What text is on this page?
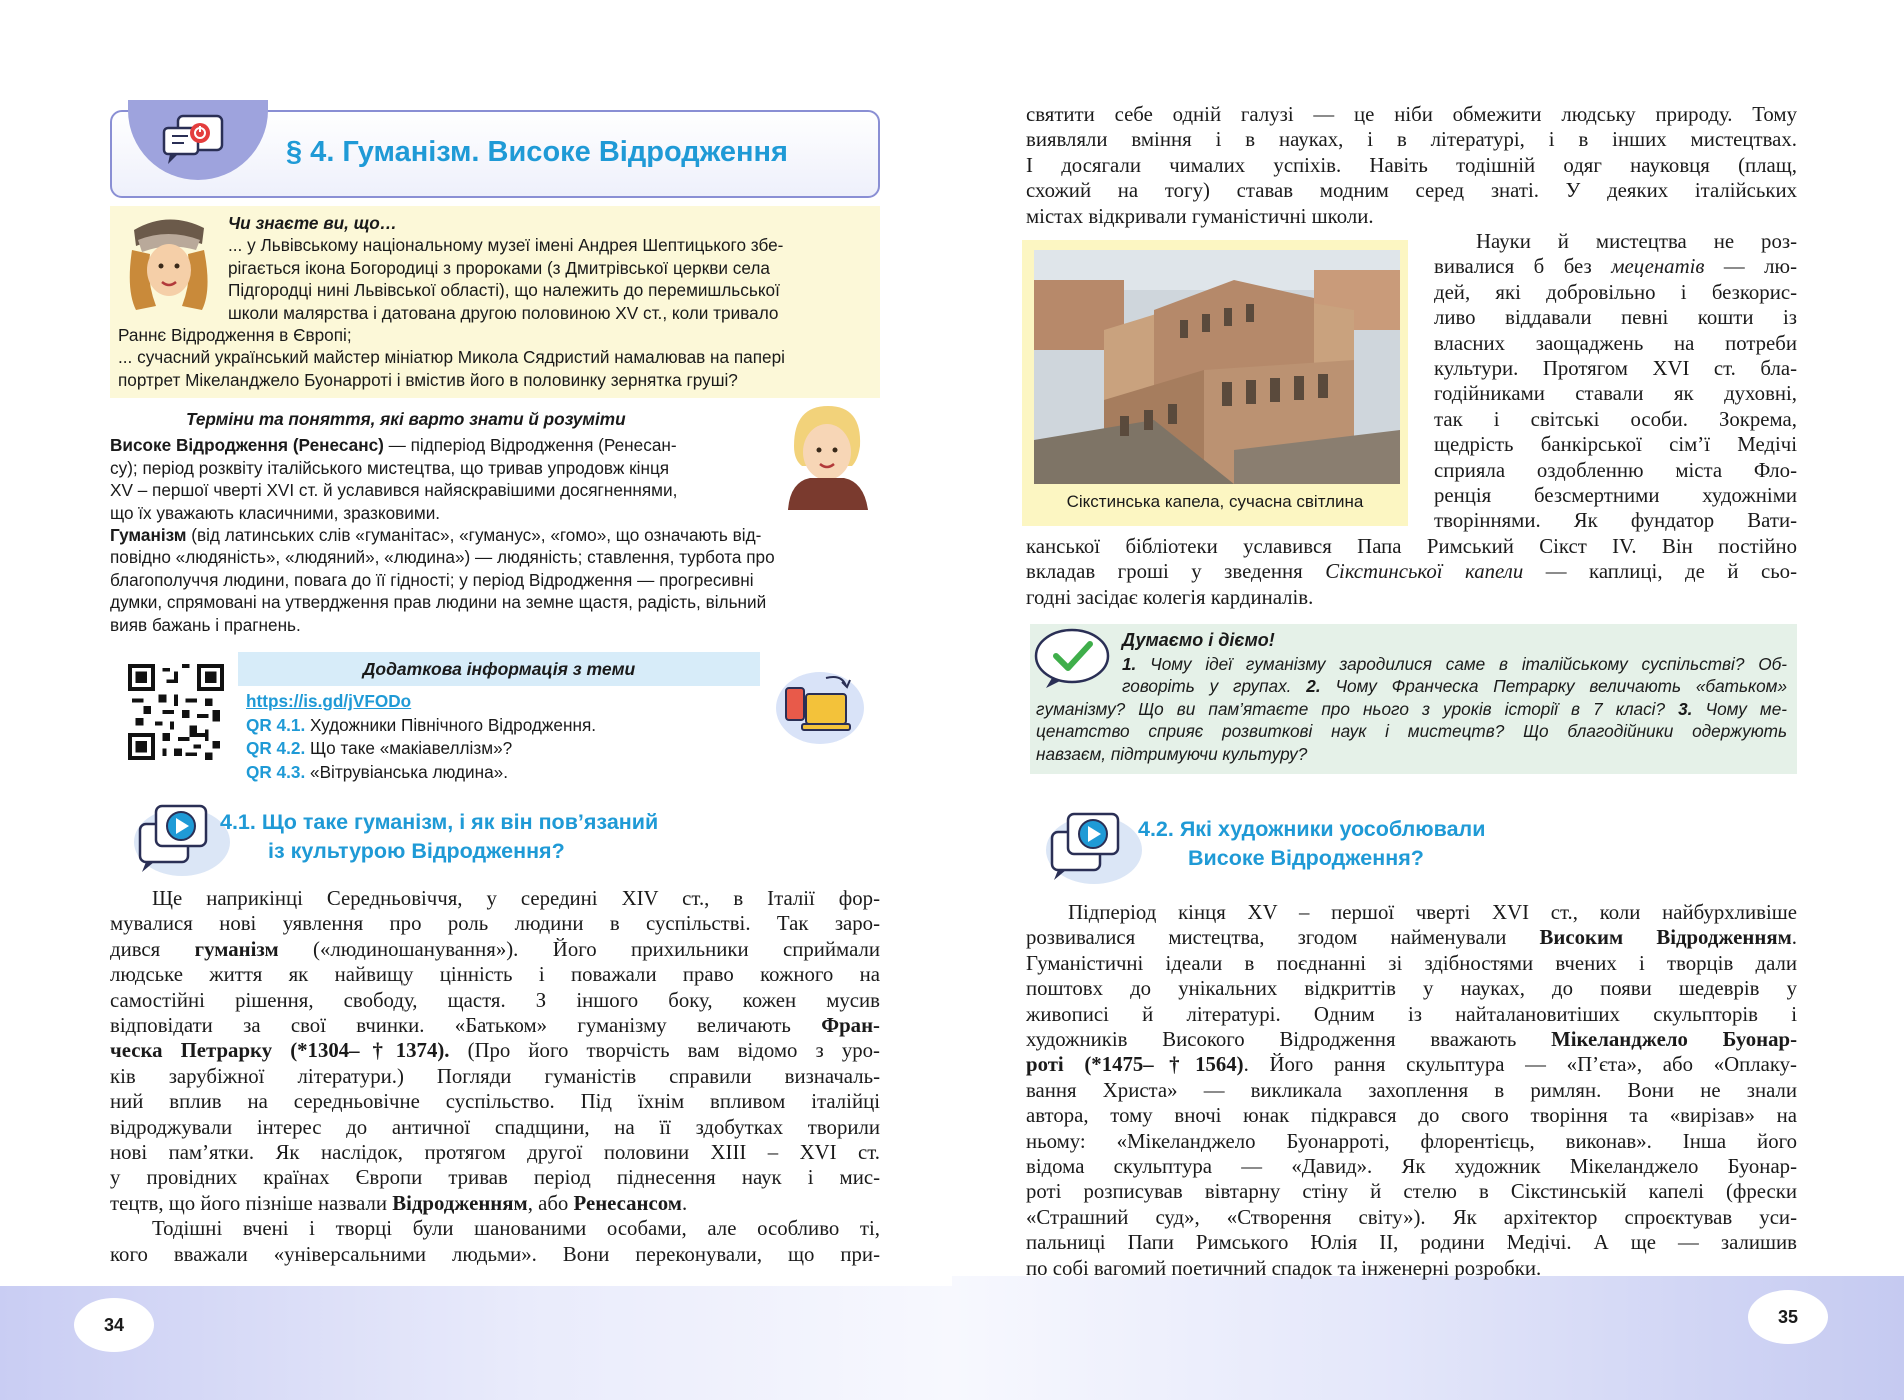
34
§ 4. Гуманізм. Високе Відродження
Чи знаєте ви, що…
... у Львівському національному музеї імені Андрея Шептицького збе-
рігається ікона Богородиці з пророками (з Дмитрівської церкви села
Підгородці нині Львівської області), що належить до перемишльської
школи малярства і датована другою половиною XV ст., коли тривало
Раннє Відродження в Європі;
... сучасний український майстер мініатюр Микола Сядристий намалював на папері
портрет Мікеланджело Буонарроті і вмістив його в половинку зернятка груші?
Терміни та поняття, які варто знати й розуміти
Високе Відродження (Ренесанс) — підперіод Відродження (Ренесан-
су); період розквіту італійського мистецтва, що тривав упродовж кінця
XV – першої чверті XVI ст. й уславився найяскравішими досягненнями,
що їх уважають класичними, зразковими.
Гуманізм (від латинських слів «гуманітас», «гуманус», «гомо», що означають від-
повідно «людяність», «людяний», «людина») — людяність; ставлення, турбота про
благополуччя людини, повага до її гідності; у період Відродження — прогресивні
думки, спрямовані на утвердження прав людини на земне щастя, радість, вільний
вияв бажань і прагнень.
Додаткова інформація з теми
https://is.gd/jVFODo
QR 4.1. Художники Північного Відродження.
QR 4.2. Що таке «макіавеллізм»?
QR 4.3. «Вітрувіанська людина».
4.1. Що таке гуманізм, і як він пов’язаний
із культурою Відродження?

Ще наприкінці Середньовіччя, у середині XIV ст., в Італії фор-

мувалися нові уявлення про роль людини в суспільстві. Так заро-

дився гуманізм («людиношанування»). Його прихильники сприймали

людське життя як найвищу цінність і поважали право кожного на

самостійні рішення, свободу, щастя. З іншого боку, кожен мусив

відповідати за свої вчинки. «Батьком» гуманізму величають Фран-

ческа Петрарку (*1304–†1374). (Про його творчість вам відомо з уро-

ків зарубіжної літератури.) Погляди гуманістів справили визначаль-

ний вплив на середньовічне суспільство. Під їхнім впливом італійці

відроджували інтерес до античної спадщини, на її здобутках творили

нові пам’ятки. Як наслідок, протягом другої половини XIII – XVI ст.

у провідних країнах Європи тривав період піднесення наук і мис-

тецтв, що його пізніше назвали Відродженням, або Ренесансом.

Тодішні вчені і творці були шанованими особами, але особливо ті,

кого вважали «універсальними людьми». Вони переконували, що при-

35

святити себе одній галузі — це ніби обмежити людську природу. Тому

виявляли вміння і в науках, і в літературі, і в інших мистецтвах.

І досягали чималих успіхів. Навіть тодішній одяг науковця (плащ,

схожий на тогу) ставав модним серед знаті. У деяких італійських

містах відкривали гуманістичні школи.

Сікстинська капела, сучасна світлина

Науки й мистецтва не роз-

вивалися б без меценатів — лю-

дей, які добровільно і безкорис-

ливо віддавали певні кошти із

власних заощаджень на потреби

культури. Протягом XVI ст. бла-

годійниками ставали як духовні,

так і світські особи. Зокрема,

щедрість банкірської сім’ї Медічі

сприяла оздобленню міста Фло-

ренція безсмертними художніми

творіннями. Як фундатор Вати-

канської бібліотеки уславився Папа Римський Сікст IV. Він постійно

вкладав гроші у зведення Сікстинської капели — каплиці, де й сьо-

годні засідає колегія кардиналів.

Думаємо і діємо!
1. Чому ідеї гуманізму зародилися саме в італійському суспільстві? Об-
говоріть у групах. 2. Чому Франческа Петрарку величають «батьком»
гуманізму? Що ви пам’ятаєте про нього з уроків історії в 7 класі? 3. Чому ме-
ценатство сприяє розвиткові наук і мистецтв? Що благодійники одержують
навзаєм, підтримуючи культуру?
4.2. Які художники уособлювали
Високе Відродження?

Підперіод кінця XV – першої чверті XVI ст., коли найбурхливіше

розвивалися мистецтва, згодом найменували Високим Відродженням.

Гуманістичні ідеали в поєднанні зі здібностями вчених і творців дали

поштовх до унікальних відкриттів у науках, до появи шедеврів у

живописі й літературі. Одним із найталановитіших скульпторів і

художників Високого Відродження вважають Мікеланджело Буонар-

роті (*1475–†1564). Його рання скульптура — «П’єта», або «Оплаку-

вання Христа» — викликала захоплення в римлян. Вони не знали

автора, тому вночі юнак підкрався до свого творіння та «вирізав» на

ньому: «Мікеланджело Буонарроті, флорентієць, виконав». Інша його

відома скульптура — «Давид». Як художник Мікеланджело Буонар-

роті розписував вівтарну стіну й стелю в Сікстинській капелі (фрески

«Страшний суд», «Створення світу»). Як архітектор спроєктував уси-

пальниці Папи Римського Юлія II, родини Медічі. А ще — залишив

по собі вагомий поетичний спадок та інженерні розробки.
